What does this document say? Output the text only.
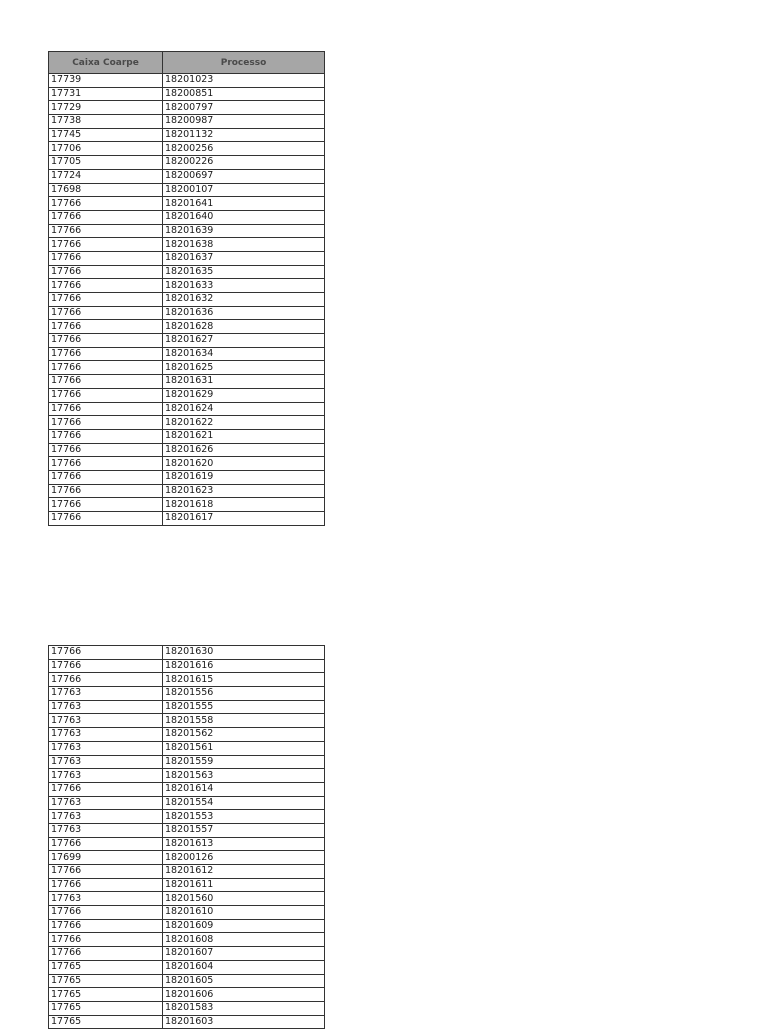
Caixa Coarpe	Processo
17739	18201023
17731	18200851
17729	18200797
17738	18200987
17745	18201132
17706	18200256
17705	18200226
17724	18200697
17698	18200107
17766	18201641
17766	18201640
17766	18201639
17766	18201638
17766	18201637
17766	18201635
17766	18201633
17766	18201632
17766	18201636
17766	18201628
17766	18201627
17766	18201634
17766	18201625
17766	18201631
17766	18201629
17766	18201624
17766	18201622
17766	18201621
17766	18201626
17766	18201620
17766	18201619
17766	18201623
17766	18201618
17766	18201617
17766	18201630
17766	18201616
17766	18201615
17763	18201556
17763	18201555
17763	18201558
17763	18201562
17763	18201561
17763	18201559
17763	18201563
17766	18201614
17763	18201554
17763	18201553
17763	18201557
17766	18201613
17699	18200126
17766	18201612
17766	18201611
17763	18201560
17766	18201610
17766	18201609
17766	18201608
17766	18201607
17765	18201604
17765	18201605
17765	18201606
17765	18201583
17765	18201603
